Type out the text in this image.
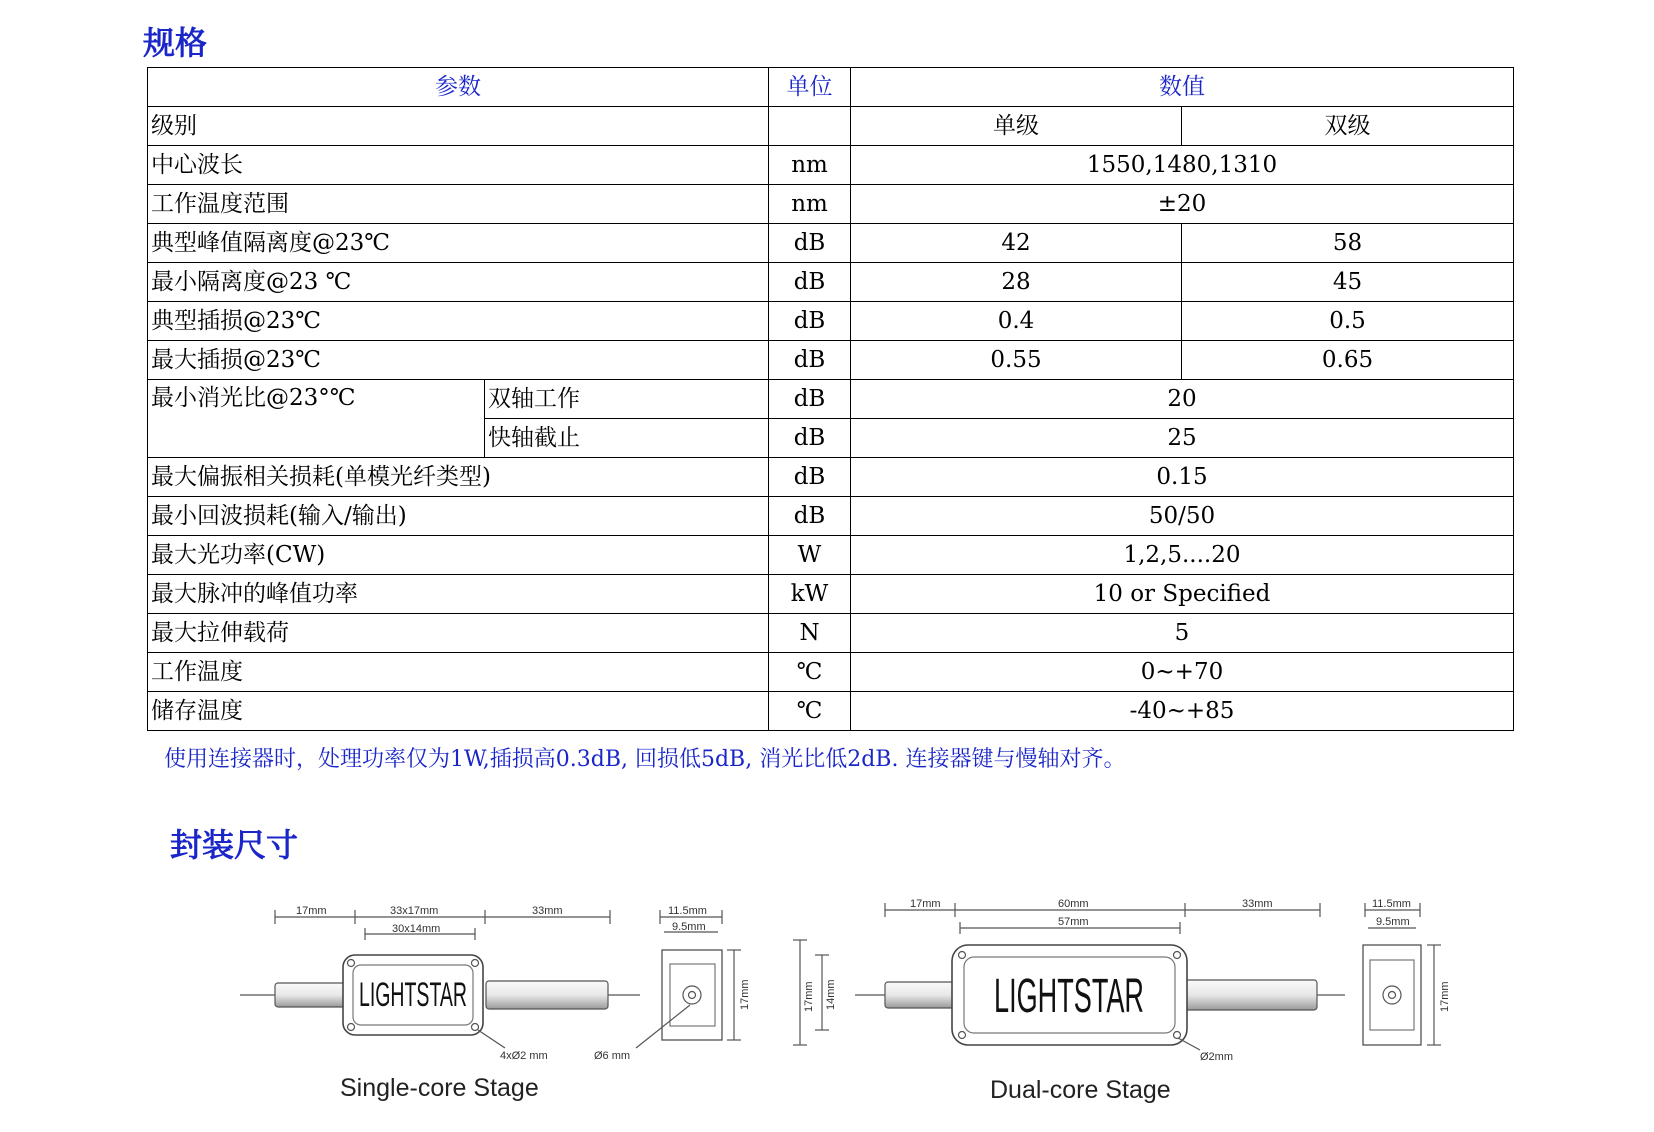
规格
参数		单位	数值	
级别			单级	双级
中心波长		nm	1550,1480,1310	
工作温度范围		nm	±20	
典型峰值隔离度@23℃		dB	42	58
最小隔离度@23 ℃		dB	28	45
典型插损@23℃		dB	0.4	0.5
最大插损@23℃		dB	0.55	0.65
最小消光比@23°℃	双轴工作	dB	20	
	快轴截止	dB	25	
最大偏振相关损耗(单模光纤类型)		dB	0.15	
最小回波损耗(输入/输出)		dB	50/50	
最大光功率(CW)		W	1,2,5....20	
最大脉冲的峰值功率		kW	10 or Specified	
最大拉伸载荷		N	5	
工作温度		℃	0~+70	
储存温度		℃	-40~+85	

使用连接器时，处理功率仅为1W,插损高0.3dB, 回损低5dB, 消光比低2dB. 连接器键与慢轴对齐。

封装尺寸
17mm	33x17mm
30x14mm
33mm	11.5mm
9.5mm
17mm
4xØ2 mm	Ø6 mm
LIGHTSTAR
Single-core Stage
17mm	60mm
57mm
33mm	11.5mm
9.5mm
17mm 14mm	17mm
Ø2mm
LIGHTSTAR
Dual-core Stage
